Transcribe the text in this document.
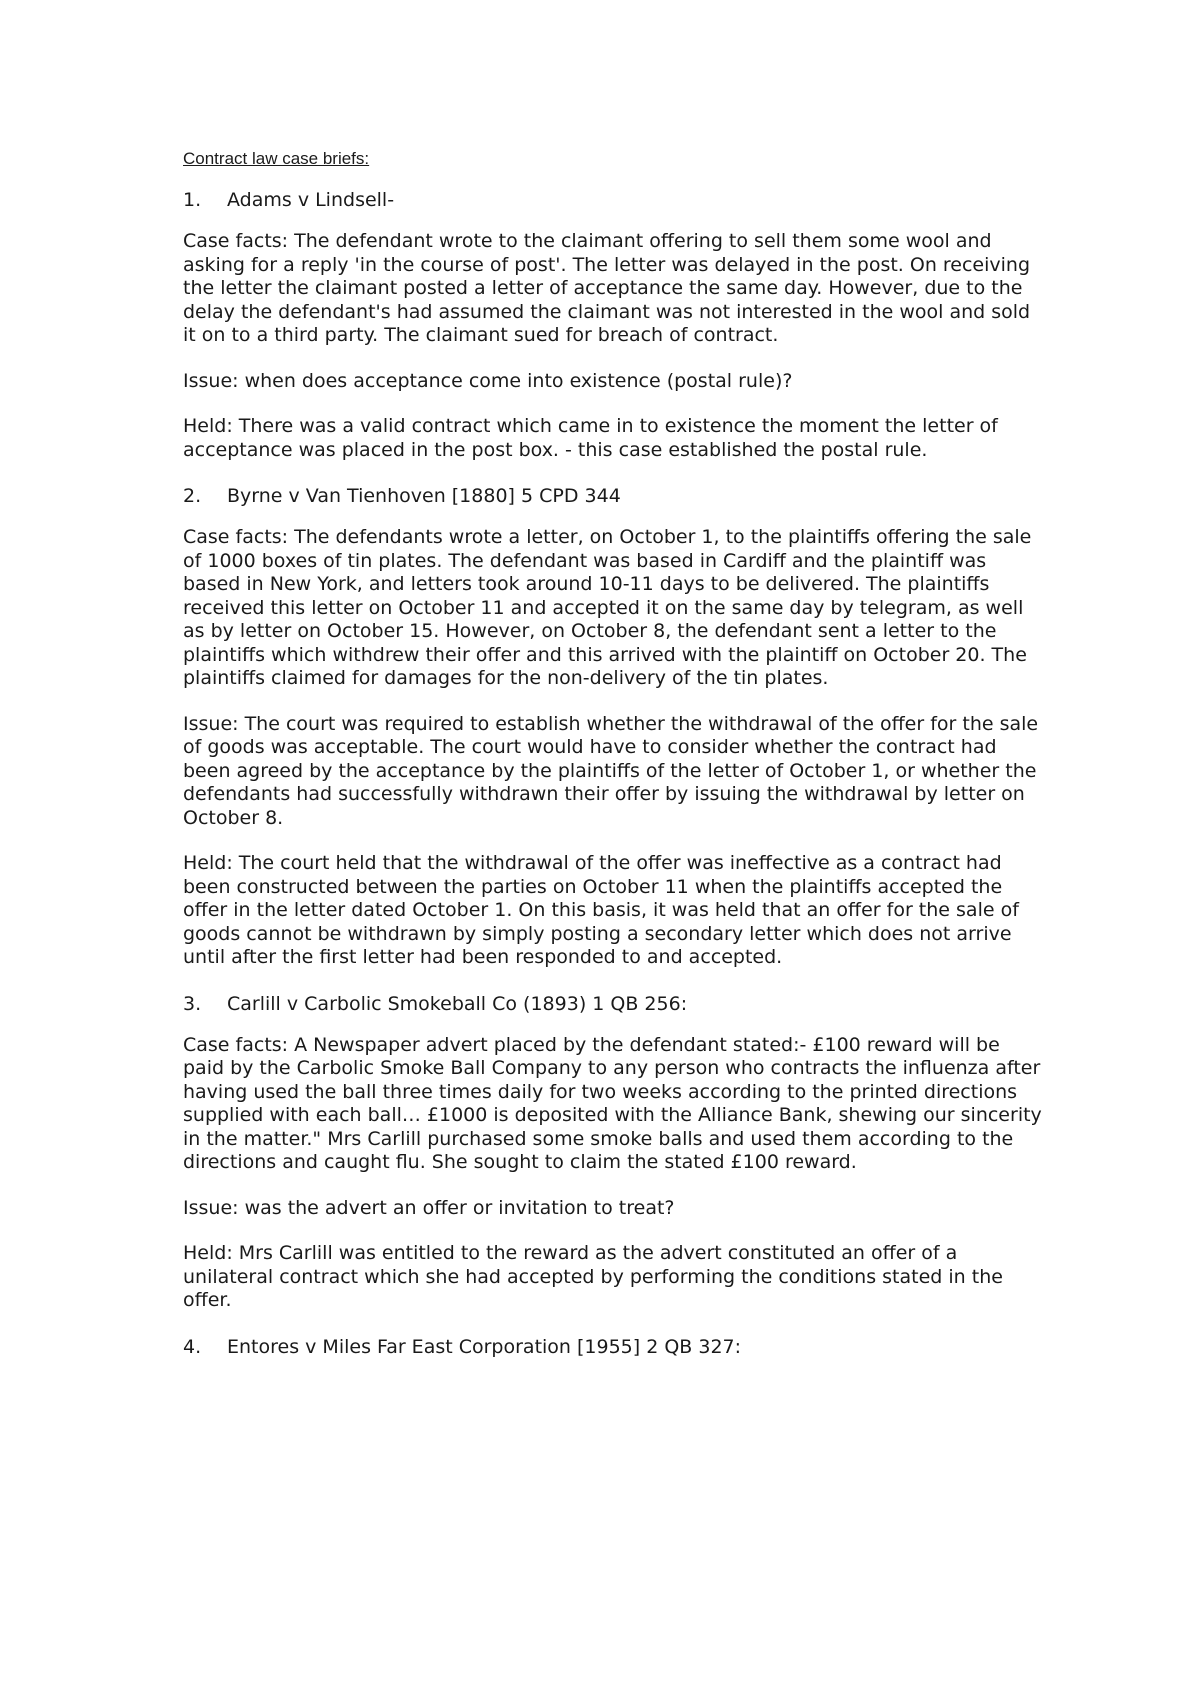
Contract law case briefs:

1.	Adams v Lindsell-

Case facts: The defendant wrote to the claimant offering to sell them some wool and asking for a reply 'in the course of post'. The letter was delayed in the post. On receiving the letter the claimant posted a letter of acceptance the same day. However, due to the delay the defendant's had assumed the claimant was not interested in the wool and sold it on to a third party. The claimant sued for breach of contract.

Issue: when does acceptance come into existence (postal rule)?

Held: There was a valid contract which came in to existence the moment the letter of acceptance was placed in the post box. - this case established the postal rule.

2.	Byrne v Van Tienhoven [1880] 5 CPD 344

Case facts: The defendants wrote a letter, on October 1, to the plaintiffs offering the sale of 1000 boxes of tin plates. The defendant was based in Cardiff and the plaintiff was based in New York, and letters took around 10-11 days to be delivered. The plaintiffs received this letter on October 11 and accepted it on the same day by telegram, as well as by letter on October 15. However, on October 8, the defendant sent a letter to the plaintiffs which withdrew their offer and this arrived with the plaintiff on October 20. The plaintiffs claimed for damages for the non-delivery of the tin plates.

Issue: The court was required to establish whether the withdrawal of the offer for the sale of goods was acceptable. The court would have to consider whether the contract had been agreed by the acceptance by the plaintiffs of the letter of October 1, or whether the defendants had successfully withdrawn their offer by issuing the withdrawal by letter on October 8.

Held: The court held that the withdrawal of the offer was ineffective as a contract had been constructed between the parties on October 11 when the plaintiffs accepted the offer in the letter dated October 1. On this basis, it was held that an offer for the sale of goods cannot be withdrawn by simply posting a secondary letter which does not arrive until after the first letter had been responded to and accepted.

3.	Carlill v Carbolic Smokeball Co (1893) 1 QB 256:

Case facts: A Newspaper advert placed by the defendant stated:- £100 reward will be paid by the Carbolic Smoke Ball Company to any person who contracts the influenza after having used the ball three times daily for two weeks according to the printed directions supplied with each ball… £1000 is deposited with the Alliance Bank, shewing our sincerity in the matter." Mrs Carlill purchased some smoke balls and used them according to the directions and caught flu. She sought to claim the stated £100 reward.

Issue: was the advert an offer or invitation to treat?

Held: Mrs Carlill was entitled to the reward as the advert constituted an offer of a unilateral contract which she had accepted by performing the conditions stated in the offer.

4.	Entores v Miles Far East Corporation [1955] 2 QB 327:
